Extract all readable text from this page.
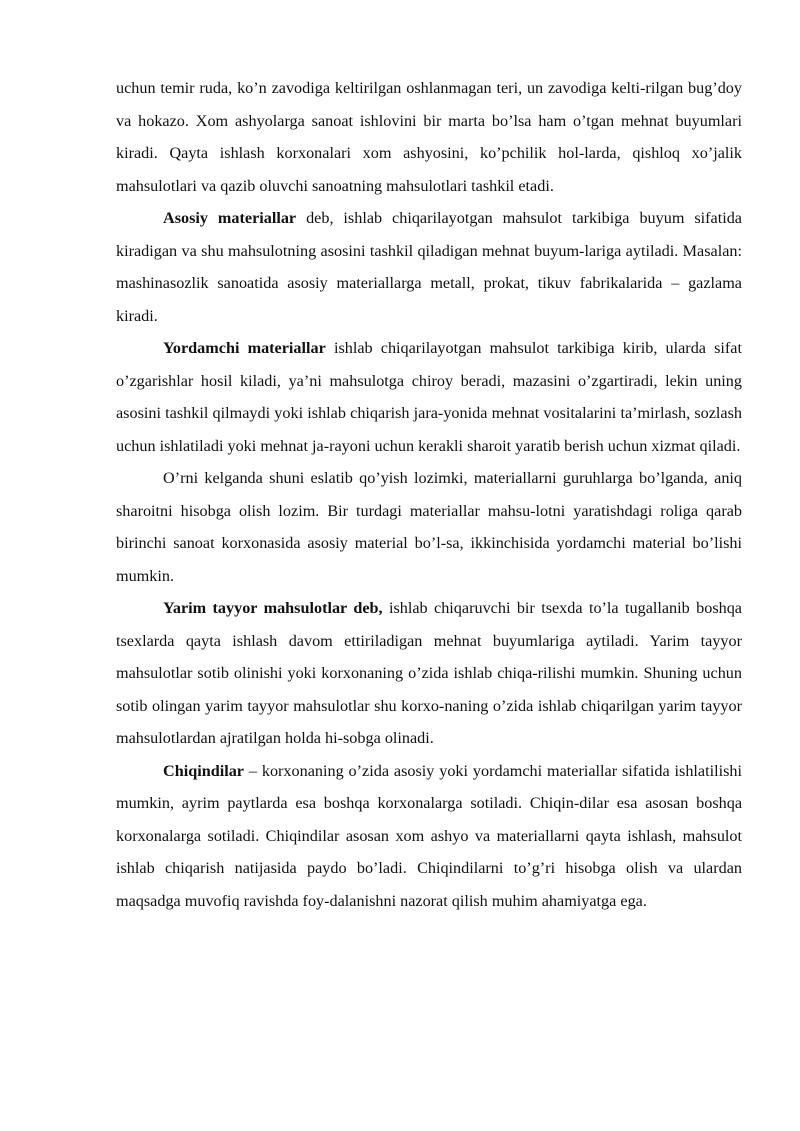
uchun temir ruda, ko’n zavodiga keltirilgan oshlanmagan teri, un zavodiga kelti-rilgan bug’doy va hokazo. Xom ashyolarga sanoat ishlovini bir marta bo’lsa ham o’tgan mehnat buyumlari kiradi. Qayta ishlash korxonalari xom ashyosini, ko’pchilik hol-larda, qishloq xo’jalik mahsulotlari va qazib oluvchi sanoatning mahsulotlari tashkil etadi.

Asosiy materiallar deb, ishlab chiqarilayotgan mahsulot tarkibiga buyum sifatida kiradigan va shu mahsulotning asosini tashkil qiladigan mehnat buyum-lariga aytiladi. Masalan: mashinasozlik sanoatida asosiy materiallarga metall, prokat, tikuv fabrikalarida – gazlama kiradi.

Yordamchi materiallar ishlab chiqarilayotgan mahsulot tarkibiga kirib, ularda sifat o’zgarishlar hosil kiladi, ya’ni mahsulotga chiroy beradi, mazasini o’zgartiradi, lekin uning asosini tashkil qilmaydi yoki ishlab chiqarish jara-yonida mehnat vositalarini ta’mirlash, sozlash uchun ishlatiladi yoki mehnat ja-rayoni uchun kerakli sharoit yaratib berish uchun xizmat qiladi.

O’rni kelganda shuni eslatib qo’yish lozimki, materiallarni guruhlarga bo’lganda, aniq sharoitni hisobga olish lozim. Bir turdagi materiallar mahsu-lotni yaratishdagi roliga qarab birinchi sanoat korxonasida asosiy material bo’l-sa, ikkinchisida yordamchi material bo’lishi mumkin.

Yarim tayyor mahsulotlar deb, ishlab chiqaruvchi bir tsexda to’la tugallanib boshqa tsexlarda qayta ishlash davom ettiriladigan mehnat buyumlariga aytiladi. Yarim tayyor mahsulotlar sotib olinishi yoki korxonaning o’zida ishlab chiqa-rilishi mumkin. Shuning uchun sotib olingan yarim tayyor mahsulotlar shu korxo-naning o’zida ishlab chiqarilgan yarim tayyor mahsulotlardan ajratilgan holda hi-sobga olinadi.

Chiqindilar – korxonaning o’zida asosiy yoki yordamchi materiallar sifatida ishlatilishi mumkin, ayrim paytlarda esa boshqa korxonalarga sotiladi. Chiqin-dilar esa asosan boshqa korxonalarga sotiladi. Chiqindilar asosan xom ashyo va materiallarni qayta ishlash, mahsulot ishlab chiqarish natijasida paydo bo’ladi. Chiqindilarni to’g’ri hisobga olish va ulardan maqsadga muvofiq ravishda foy-dalanishni nazorat qilish muhim ahamiyatga ega.
